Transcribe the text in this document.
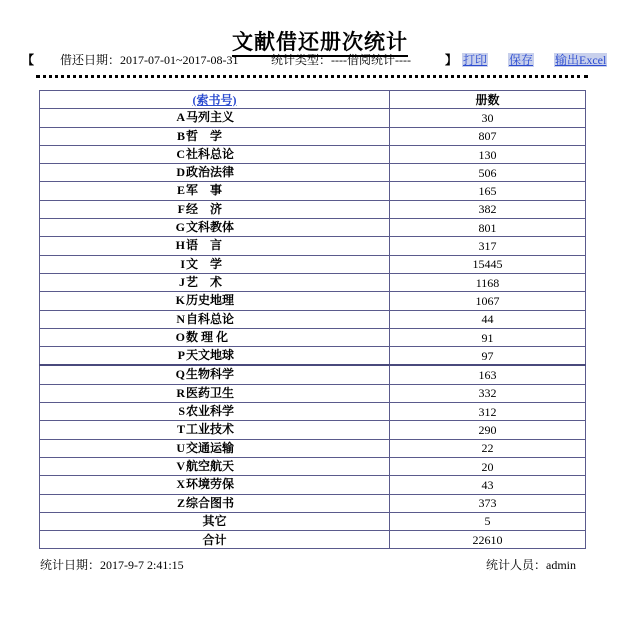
文献借还册次统计
【 借还日期：2017-07-01~2017-08-31	统计类型：----借阅统计----	】 打印 保存 输出Excel
(索书号)	册数

A 马列主义	30

B 哲　学	807

C 社科总论	130

D 政治法律	506

E 军　事	165

F 经　济	382

G 文科教体	801

H 语　言	317

I 文　学	15445

J 艺　术	1168

K 历史地理	1067

N 自科总论	44

O 数 理 化	91

P 天文地球	97

Q 生物科学	163

R 医药卫生	332

S 农业科学	312

T 工业技术	290

U 交通运输	22

V 航空航天	20

X 环境劳保	43

Z 综合图书	373
其它	5
合计	22610
统计日期：2017-9-7 2:41:15	统计人员：admin
